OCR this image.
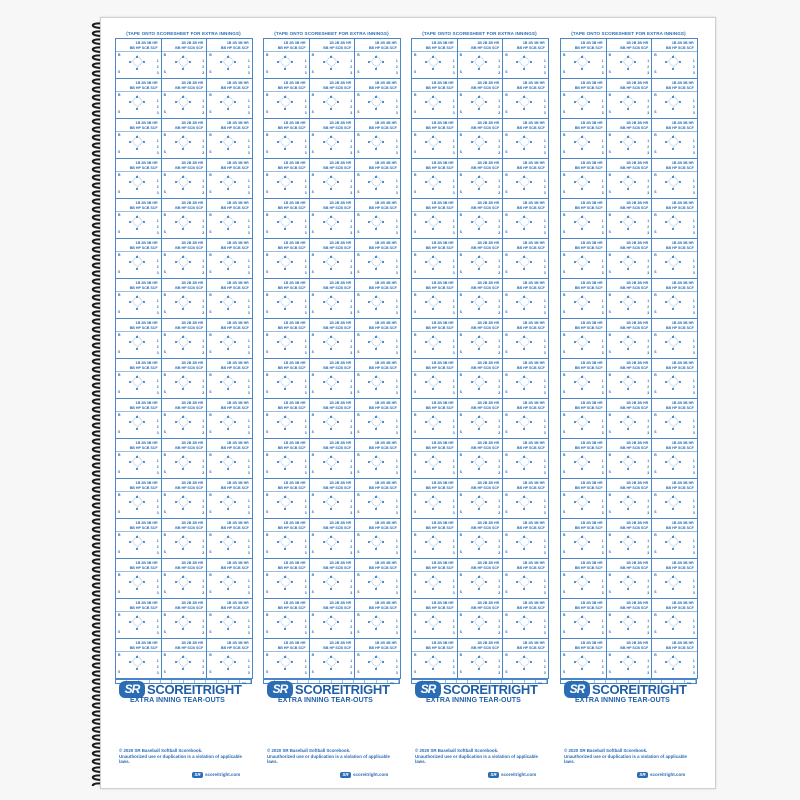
(TAPE ONTO SCORESHEET FOR EXTRA INNINGS)
1B 2B 3B HR
BB HP SCB SCF
B
S
1
2
3
1B 2B 3B HR
BB HP SCB SCF
B
S
1
2
3
1B 2B 3B HR
BB HP SCB SCF
B
S
1
2
3
1B 2B 3B HR
BB HP SCB SCF
B
S
1
2
3
1B 2B 3B HR
BB HP SCB SCF
B
S
1
2
3
1B 2B 3B HR
BB HP SCB SCF
B
S
1
2
3
1B 2B 3B HR
BB HP SCB SCF
B
S
1
2
3
1B 2B 3B HR
BB HP SCB SCF
B
S
1
2
3
1B 2B 3B HR
BB HP SCB SCF
B
S
1
2
3
1B 2B 3B HR
BB HP SCB SCF
B
S
1
2
3
1B 2B 3B HR
BB HP SCB SCF
B
S
1
2
3
1B 2B 3B HR
BB HP SCB SCF
B
S
1
2
3
1B 2B 3B HR
BB HP SCB SCF
B
S
1
2
3
1B 2B 3B HR
BB HP SCB SCF
B
S
1
2
3
1B 2B 3B HR
BB HP SCB SCF
B
S
1
2
3
1B 2B 3B HR
BB HP SCB SCF
B
S
1
2
3
1B 2B 3B HR
BB HP SCB SCF
B
S
1
2
3
1B 2B 3B HR
BB HP SCB SCF
B
S
1
2
3
1B 2B 3B HR
BB HP SCB SCF
B
S
1
2
3
1B 2B 3B HR
BB HP SCB SCF
B
S
1
2
3
1B 2B 3B HR
BB HP SCB SCF
B
S
1
2
3
1B 2B 3B HR
BB HP SCB SCF
B
S
1
2
3
1B 2B 3B HR
BB HP SCB SCF
B
S
1
2
3
1B 2B 3B HR
BB HP SCB SCF
B
S
1
2
3
1B 2B 3B HR
BB HP SCB SCF
B
S
1
2
3
1B 2B 3B HR
BB HP SCB SCF
B
S
1
2
3
1B 2B 3B HR
BB HP SCB SCF
B
S
1
2
3
1B 2B 3B HR
BB HP SCB SCF
B
S
1
2
3
1B 2B 3B HR
BB HP SCB SCF
B
S
1
2
3
1B 2B 3B HR
BB HP SCB SCF
B
S
1
2
3
1B 2B 3B HR
BB HP SCB SCF
B
S
1
2
3
1B 2B 3B HR
BB HP SCB SCF
B
S
1
2
3
1B 2B 3B HR
BB HP SCB SCF
B
S
1
2
3
1B 2B 3B HR
BB HP SCB SCF
B
S
1
2
3
1B 2B 3B HR
BB HP SCB SCF
B
S
1
2
3
1B 2B 3B HR
BB HP SCB SCF
B
S
1
2
3
1B 2B 3B HR
BB HP SCB SCF
B
S
1
2
3
1B 2B 3B HR
BB HP SCB SCF
B
S
1
2
3
1B 2B 3B HR
BB HP SCB SCF
B
S
1
2
3
1B 2B 3B HR
BB HP SCB SCF
B
S
1
2
3
1B 2B 3B HR
BB HP SCB SCF
B
S
1
2
3
1B 2B 3B HR
BB HP SCB SCF
B
S
1
2
3
1B 2B 3B HR
BB HP SCB SCF
B
S
1
2
3
1B 2B 3B HR
BB HP SCB SCF
B
S
1
2
3
1B 2B 3B HR
BB HP SCB SCF
B
S
1
2
3
1B 2B 3B HR
BB HP SCB SCF
B
S
1
2
3
1B 2B 3B HR
BB HP SCB SCF
B
S
1
2
3
1B 2B 3B HR
BB HP SCB SCF
B
S
1
2
3
SR SCOREITRIGHT™
EXTRA INNING TEAR-OUTS
© 2020 SR Baseball Softball Scorebook.
Unauthorized use or duplication is a violation of applicable laws.
SR scoreitright.com
(TAPE ONTO SCORESHEET FOR EXTRA INNINGS)
1B 2B 3B HR
BB HP SCB SCF
B
S
1
2
3
1B 2B 3B HR
BB HP SCB SCF
B
S
1
2
3
1B 2B 3B HR
BB HP SCB SCF
B
S
1
2
3
1B 2B 3B HR
BB HP SCB SCF
B
S
1
2
3
1B 2B 3B HR
BB HP SCB SCF
B
S
1
2
3
1B 2B 3B HR
BB HP SCB SCF
B
S
1
2
3
1B 2B 3B HR
BB HP SCB SCF
B
S
1
2
3
1B 2B 3B HR
BB HP SCB SCF
B
S
1
2
3
1B 2B 3B HR
BB HP SCB SCF
B
S
1
2
3
1B 2B 3B HR
BB HP SCB SCF
B
S
1
2
3
1B 2B 3B HR
BB HP SCB SCF
B
S
1
2
3
1B 2B 3B HR
BB HP SCB SCF
B
S
1
2
3
1B 2B 3B HR
BB HP SCB SCF
B
S
1
2
3
1B 2B 3B HR
BB HP SCB SCF
B
S
1
2
3
1B 2B 3B HR
BB HP SCB SCF
B
S
1
2
3
1B 2B 3B HR
BB HP SCB SCF
B
S
1
2
3
1B 2B 3B HR
BB HP SCB SCF
B
S
1
2
3
1B 2B 3B HR
BB HP SCB SCF
B
S
1
2
3
1B 2B 3B HR
BB HP SCB SCF
B
S
1
2
3
1B 2B 3B HR
BB HP SCB SCF
B
S
1
2
3
1B 2B 3B HR
BB HP SCB SCF
B
S
1
2
3
1B 2B 3B HR
BB HP SCB SCF
B
S
1
2
3
1B 2B 3B HR
BB HP SCB SCF
B
S
1
2
3
1B 2B 3B HR
BB HP SCB SCF
B
S
1
2
3
1B 2B 3B HR
BB HP SCB SCF
B
S
1
2
3
1B 2B 3B HR
BB HP SCB SCF
B
S
1
2
3
1B 2B 3B HR
BB HP SCB SCF
B
S
1
2
3
1B 2B 3B HR
BB HP SCB SCF
B
S
1
2
3
1B 2B 3B HR
BB HP SCB SCF
B
S
1
2
3
1B 2B 3B HR
BB HP SCB SCF
B
S
1
2
3
1B 2B 3B HR
BB HP SCB SCF
B
S
1
2
3
1B 2B 3B HR
BB HP SCB SCF
B
S
1
2
3
1B 2B 3B HR
BB HP SCB SCF
B
S
1
2
3
1B 2B 3B HR
BB HP SCB SCF
B
S
1
2
3
1B 2B 3B HR
BB HP SCB SCF
B
S
1
2
3
1B 2B 3B HR
BB HP SCB SCF
B
S
1
2
3
1B 2B 3B HR
BB HP SCB SCF
B
S
1
2
3
1B 2B 3B HR
BB HP SCB SCF
B
S
1
2
3
1B 2B 3B HR
BB HP SCB SCF
B
S
1
2
3
1B 2B 3B HR
BB HP SCB SCF
B
S
1
2
3
1B 2B 3B HR
BB HP SCB SCF
B
S
1
2
3
1B 2B 3B HR
BB HP SCB SCF
B
S
1
2
3
1B 2B 3B HR
BB HP SCB SCF
B
S
1
2
3
1B 2B 3B HR
BB HP SCB SCF
B
S
1
2
3
1B 2B 3B HR
BB HP SCB SCF
B
S
1
2
3
1B 2B 3B HR
BB HP SCB SCF
B
S
1
2
3
1B 2B 3B HR
BB HP SCB SCF
B
S
1
2
3
1B 2B 3B HR
BB HP SCB SCF
B
S
1
2
3
SR SCOREITRIGHT™
EXTRA INNING TEAR-OUTS
© 2020 SR Baseball Softball Scorebook.
Unauthorized use or duplication is a violation of applicable laws.
SR scoreitright.com
(TAPE ONTO SCORESHEET FOR EXTRA INNINGS)
1B 2B 3B HR
BB HP SCB SCF
B
S
1
2
3
1B 2B 3B HR
BB HP SCB SCF
B
S
1
2
3
1B 2B 3B HR
BB HP SCB SCF
B
S
1
2
3
1B 2B 3B HR
BB HP SCB SCF
B
S
1
2
3
1B 2B 3B HR
BB HP SCB SCF
B
S
1
2
3
1B 2B 3B HR
BB HP SCB SCF
B
S
1
2
3
1B 2B 3B HR
BB HP SCB SCF
B
S
1
2
3
1B 2B 3B HR
BB HP SCB SCF
B
S
1
2
3
1B 2B 3B HR
BB HP SCB SCF
B
S
1
2
3
1B 2B 3B HR
BB HP SCB SCF
B
S
1
2
3
1B 2B 3B HR
BB HP SCB SCF
B
S
1
2
3
1B 2B 3B HR
BB HP SCB SCF
B
S
1
2
3
1B 2B 3B HR
BB HP SCB SCF
B
S
1
2
3
1B 2B 3B HR
BB HP SCB SCF
B
S
1
2
3
1B 2B 3B HR
BB HP SCB SCF
B
S
1
2
3
1B 2B 3B HR
BB HP SCB SCF
B
S
1
2
3
1B 2B 3B HR
BB HP SCB SCF
B
S
1
2
3
1B 2B 3B HR
BB HP SCB SCF
B
S
1
2
3
1B 2B 3B HR
BB HP SCB SCF
B
S
1
2
3
1B 2B 3B HR
BB HP SCB SCF
B
S
1
2
3
1B 2B 3B HR
BB HP SCB SCF
B
S
1
2
3
1B 2B 3B HR
BB HP SCB SCF
B
S
1
2
3
1B 2B 3B HR
BB HP SCB SCF
B
S
1
2
3
1B 2B 3B HR
BB HP SCB SCF
B
S
1
2
3
1B 2B 3B HR
BB HP SCB SCF
B
S
1
2
3
1B 2B 3B HR
BB HP SCB SCF
B
S
1
2
3
1B 2B 3B HR
BB HP SCB SCF
B
S
1
2
3
1B 2B 3B HR
BB HP SCB SCF
B
S
1
2
3
1B 2B 3B HR
BB HP SCB SCF
B
S
1
2
3
1B 2B 3B HR
BB HP SCB SCF
B
S
1
2
3
1B 2B 3B HR
BB HP SCB SCF
B
S
1
2
3
1B 2B 3B HR
BB HP SCB SCF
B
S
1
2
3
1B 2B 3B HR
BB HP SCB SCF
B
S
1
2
3
1B 2B 3B HR
BB HP SCB SCF
B
S
1
2
3
1B 2B 3B HR
BB HP SCB SCF
B
S
1
2
3
1B 2B 3B HR
BB HP SCB SCF
B
S
1
2
3
1B 2B 3B HR
BB HP SCB SCF
B
S
1
2
3
1B 2B 3B HR
BB HP SCB SCF
B
S
1
2
3
1B 2B 3B HR
BB HP SCB SCF
B
S
1
2
3
1B 2B 3B HR
BB HP SCB SCF
B
S
1
2
3
1B 2B 3B HR
BB HP SCB SCF
B
S
1
2
3
1B 2B 3B HR
BB HP SCB SCF
B
S
1
2
3
1B 2B 3B HR
BB HP SCB SCF
B
S
1
2
3
1B 2B 3B HR
BB HP SCB SCF
B
S
1
2
3
1B 2B 3B HR
BB HP SCB SCF
B
S
1
2
3
1B 2B 3B HR
BB HP SCB SCF
B
S
1
2
3
1B 2B 3B HR
BB HP SCB SCF
B
S
1
2
3
1B 2B 3B HR
BB HP SCB SCF
B
S
1
2
3
SR SCOREITRIGHT™
EXTRA INNING TEAR-OUTS
© 2020 SR Baseball Softball Scorebook.
Unauthorized use or duplication is a violation of applicable laws.
SR scoreitright.com
(TAPE ONTO SCORESHEET FOR EXTRA INNINGS)
1B 2B 3B HR
BB HP SCB SCF
B
S
1
2
3
1B 2B 3B HR
BB HP SCB SCF
B
S
1
2
3
1B 2B 3B HR
BB HP SCB SCF
B
S
1
2
3
1B 2B 3B HR
BB HP SCB SCF
B
S
1
2
3
1B 2B 3B HR
BB HP SCB SCF
B
S
1
2
3
1B 2B 3B HR
BB HP SCB SCF
B
S
1
2
3
1B 2B 3B HR
BB HP SCB SCF
B
S
1
2
3
1B 2B 3B HR
BB HP SCB SCF
B
S
1
2
3
1B 2B 3B HR
BB HP SCB SCF
B
S
1
2
3
1B 2B 3B HR
BB HP SCB SCF
B
S
1
2
3
1B 2B 3B HR
BB HP SCB SCF
B
S
1
2
3
1B 2B 3B HR
BB HP SCB SCF
B
S
1
2
3
1B 2B 3B HR
BB HP SCB SCF
B
S
1
2
3
1B 2B 3B HR
BB HP SCB SCF
B
S
1
2
3
1B 2B 3B HR
BB HP SCB SCF
B
S
1
2
3
1B 2B 3B HR
BB HP SCB SCF
B
S
1
2
3
1B 2B 3B HR
BB HP SCB SCF
B
S
1
2
3
1B 2B 3B HR
BB HP SCB SCF
B
S
1
2
3
1B 2B 3B HR
BB HP SCB SCF
B
S
1
2
3
1B 2B 3B HR
BB HP SCB SCF
B
S
1
2
3
1B 2B 3B HR
BB HP SCB SCF
B
S
1
2
3
1B 2B 3B HR
BB HP SCB SCF
B
S
1
2
3
1B 2B 3B HR
BB HP SCB SCF
B
S
1
2
3
1B 2B 3B HR
BB HP SCB SCF
B
S
1
2
3
1B 2B 3B HR
BB HP SCB SCF
B
S
1
2
3
1B 2B 3B HR
BB HP SCB SCF
B
S
1
2
3
1B 2B 3B HR
BB HP SCB SCF
B
S
1
2
3
1B 2B 3B HR
BB HP SCB SCF
B
S
1
2
3
1B 2B 3B HR
BB HP SCB SCF
B
S
1
2
3
1B 2B 3B HR
BB HP SCB SCF
B
S
1
2
3
1B 2B 3B HR
BB HP SCB SCF
B
S
1
2
3
1B 2B 3B HR
BB HP SCB SCF
B
S
1
2
3
1B 2B 3B HR
BB HP SCB SCF
B
S
1
2
3
1B 2B 3B HR
BB HP SCB SCF
B
S
1
2
3
1B 2B 3B HR
BB HP SCB SCF
B
S
1
2
3
1B 2B 3B HR
BB HP SCB SCF
B
S
1
2
3
1B 2B 3B HR
BB HP SCB SCF
B
S
1
2
3
1B 2B 3B HR
BB HP SCB SCF
B
S
1
2
3
1B 2B 3B HR
BB HP SCB SCF
B
S
1
2
3
1B 2B 3B HR
BB HP SCB SCF
B
S
1
2
3
1B 2B 3B HR
BB HP SCB SCF
B
S
1
2
3
1B 2B 3B HR
BB HP SCB SCF
B
S
1
2
3
1B 2B 3B HR
BB HP SCB SCF
B
S
1
2
3
1B 2B 3B HR
BB HP SCB SCF
B
S
1
2
3
1B 2B 3B HR
BB HP SCB SCF
B
S
1
2
3
1B 2B 3B HR
BB HP SCB SCF
B
S
1
2
3
1B 2B 3B HR
BB HP SCB SCF
B
S
1
2
3
1B 2B 3B HR
BB HP SCB SCF
B
S
1
2
3
SR SCOREITRIGHT™
EXTRA INNING TEAR-OUTS
© 2020 SR Baseball Softball Scorebook.
Unauthorized use or duplication is a violation of applicable laws.
SR scoreitright.com
